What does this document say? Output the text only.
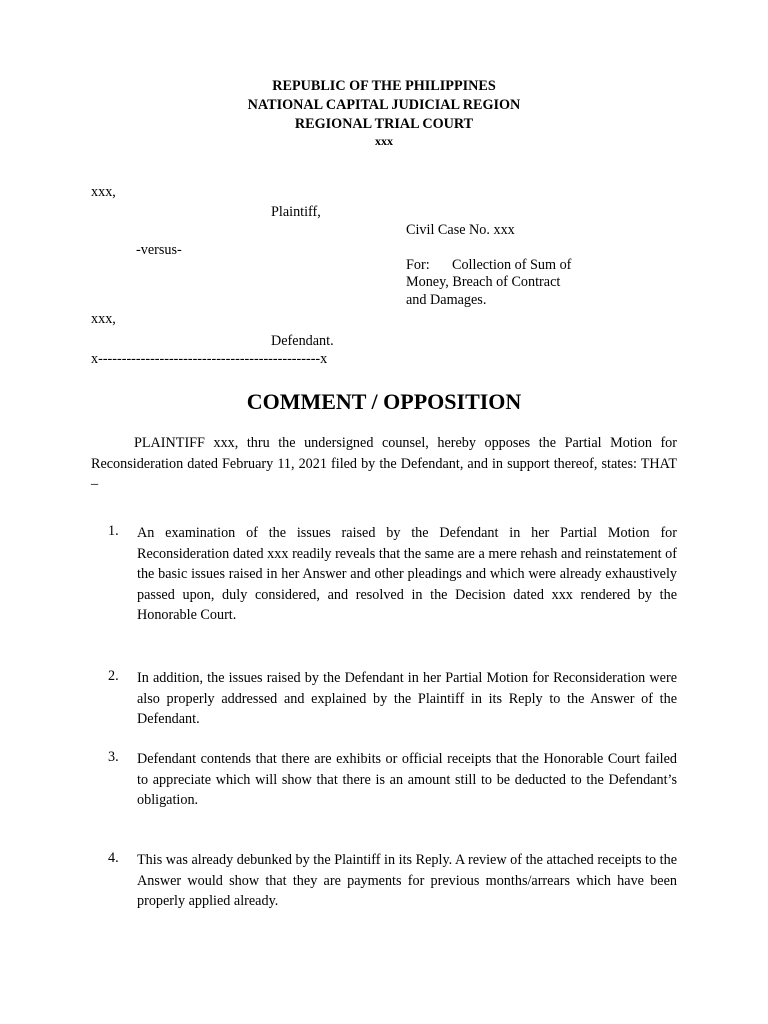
REPUBLIC OF THE PHILIPPINES
NATIONAL CAPITAL JUDICIAL REGION
REGIONAL TRIAL COURT
xxx
xxx,
Plaintiff,
Civil Case No. xxx
-versus-
For: Collection of Sum of
Money, Breach of Contract
and Damages.
xxx,
Defendant.
x-----------------------------------------------x
COMMENT / OPPOSITION
PLAINTIFF xxx, thru the undersigned counsel, hereby opposes the Partial Motion for Reconsideration dated February 11, 2021 filed by the Defendant, and in support thereof, states: THAT –
1.	An examination of the issues raised by the Defendant in her Partial Motion for Reconsideration dated xxx readily reveals that the same are a mere rehash and reinstatement of the basic issues raised in her Answer and other pleadings and which were already exhaustively passed upon, duly considered, and resolved in the Decision dated xxx rendered by the Honorable Court.
2.	In addition, the issues raised by the Defendant in her Partial Motion for Reconsideration were also properly addressed and explained by the Plaintiff in its Reply to the Answer of the Defendant.
3.	Defendant contends that there are exhibits or official receipts that the Honorable Court failed to appreciate which will show that there is an amount still to be deducted to the Defendant’s obligation.
4.	This was already debunked by the Plaintiff in its Reply. A review of the attached receipts to the Answer would show that they are payments for previous months/arrears which have been properly applied already.
